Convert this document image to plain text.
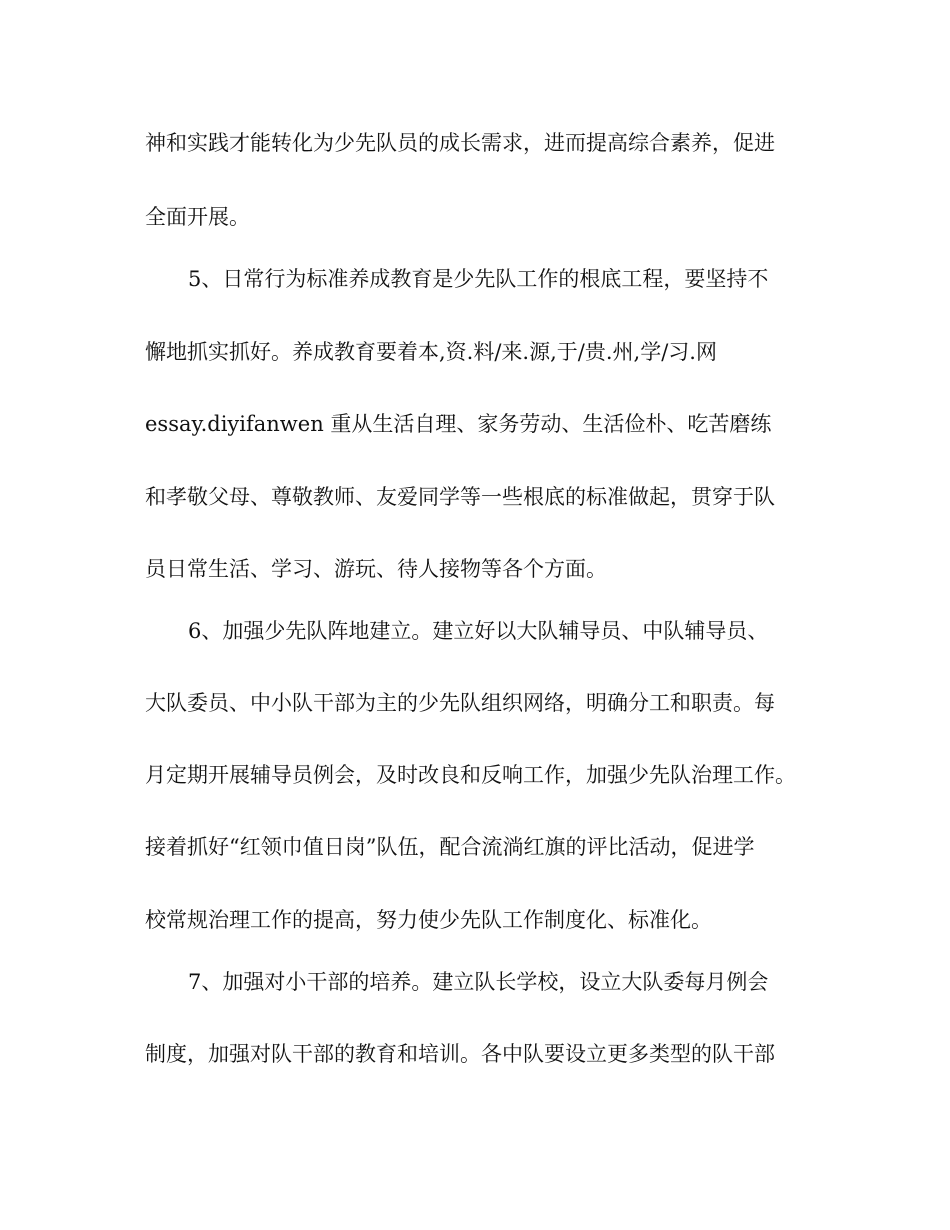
神和实践才能转化为少先队员的成长需求，进而提高综合素养，促进
全面开展。
5、日常行为标准养成教育是少先队工作的根底工程，要坚持不
懈地抓实抓好。养成教育要着本,资.料/来.源,于/贵.州,学/习.网
essay.diyifanwen 重从生活自理、家务劳动、生活俭朴、吃苦磨练
和孝敬父母、尊敬教师、友爱同学等一些根底的标准做起，贯穿于队
员日常生活、学习、游玩、待人接物等各个方面。
6、加强少先队阵地建立。建立好以大队辅导员、中队辅导员、
大队委员、中小队干部为主的少先队组织网络，明确分工和职责。每
月定期开展辅导员例会，及时改良和反响工作，加强少先队治理工作。
接着抓好“红领巾值日岗”队伍，配合流淌红旗的评比活动，促进学
校常规治理工作的提高，努力使少先队工作制度化、标准化。
7、加强对小干部的培养。建立队长学校，设立大队委每月例会
制度，加强对队干部的教育和培训。各中队要设立更多类型的队干部
